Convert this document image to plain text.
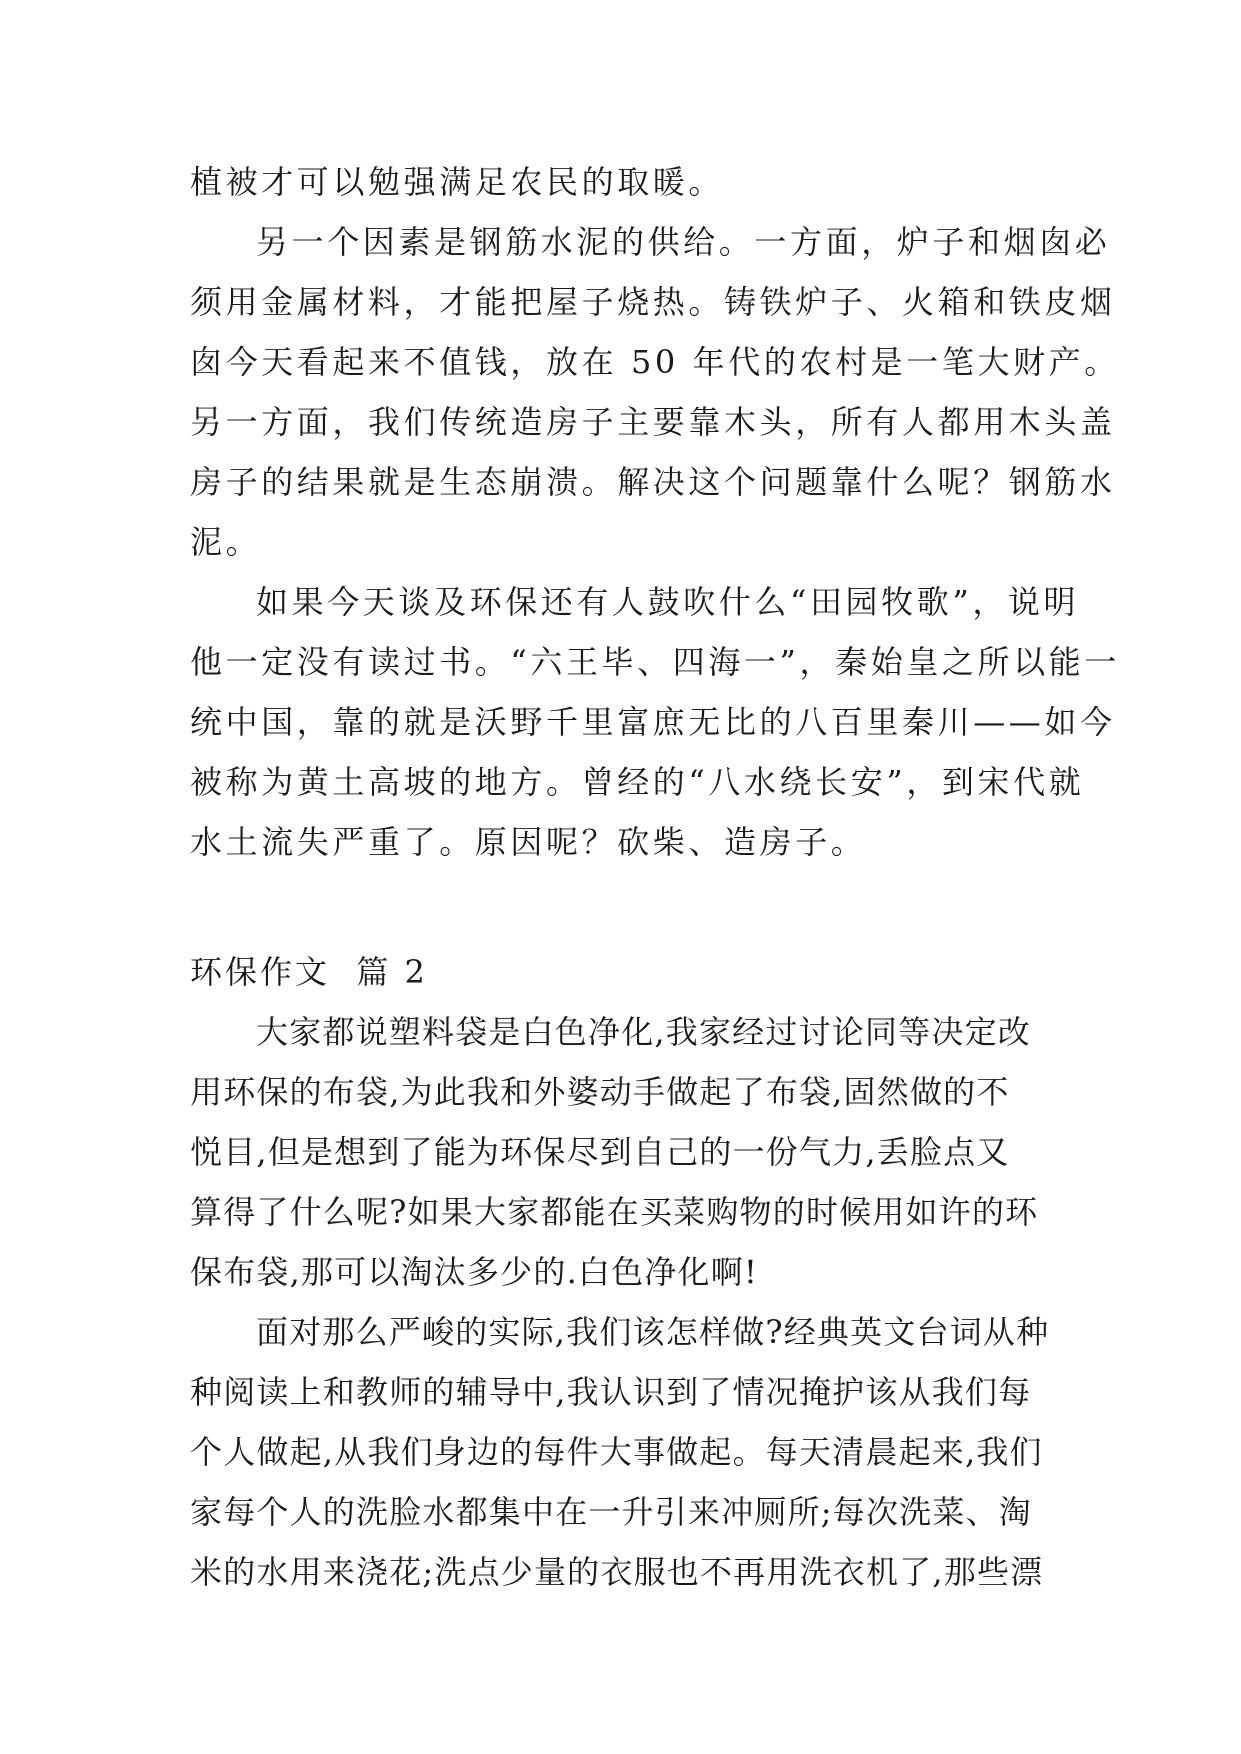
植被才可以勉强满足农民的取暖。
另一个因素是钢筋水泥的供给。一方面，炉子和烟囱必
须用金属材料，才能把屋子烧热。铸铁炉子、火箱和铁皮烟
囱今天看起来不值钱，放在 50 年代的农村是一笔大财产。
另一方面，我们传统造房子主要靠木头，所有人都用木头盖
房子的结果就是生态崩溃。解决这个问题靠什么呢？钢筋水
泥。
如果今天谈及环保还有人鼓吹什么“田园牧歌”，说明
他一定没有读过书。“六王毕、四海一”，秦始皇之所以能一
统中国，靠的就是沃野千里富庶无比的八百里秦川——如今
被称为黄土高坡的地方。曾经的“八水绕长安”，到宋代就
水土流失严重了。原因呢？砍柴、造房子。
环保作文  篇 2
大家都说塑料袋是白色净化,我家经过讨论同等决定改
用环保的布袋,为此我和外婆动手做起了布袋,固然做的不
悦目,但是想到了能为环保尽到自己的一份气力,丢脸点又
算得了什么呢?如果大家都能在买菜购物的时候用如许的环
保布袋,那可以淘汰多少的.白色净化啊!
面对那么严峻的实际,我们该怎样做?经典英文台词从种
种阅读上和教师的辅导中,我认识到了情况掩护该从我们每
个人做起,从我们身边的每件大事做起。每天清晨起来,我们
家每个人的洗脸水都集中在一升引来冲厕所;每次洗菜、淘
米的水用来浇花;洗点少量的衣服也不再用洗衣机了,那些漂
